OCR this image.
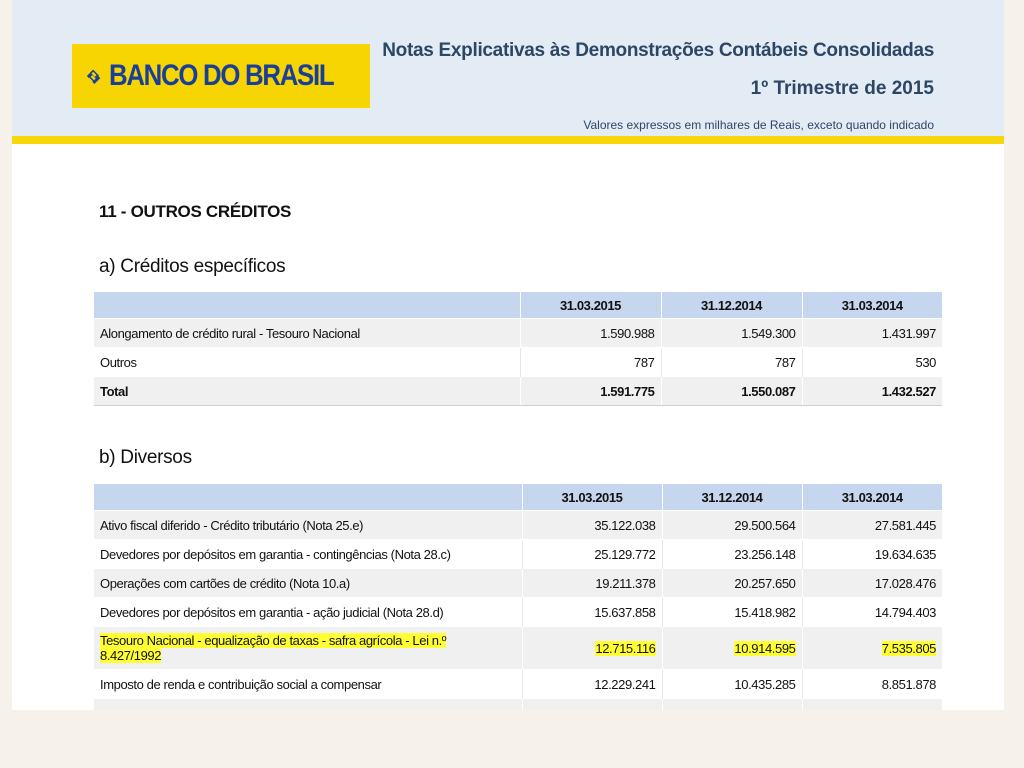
BANCO DO BRASIL
Notas Explicativas às Demonstrações Contábeis Consolidadas
1º Trimestre de 2015
Valores expressos em milhares de Reais, exceto quando indicado
11 - OUTROS CRÉDITOS
a) Créditos específicos
	31.03.2015	31.12.2014	31.03.2014
Alongamento de crédito rural - Tesouro Nacional	1.590.988	1.549.300	1.431.997
Outros	787	787	530
Total	1.591.775	1.550.087	1.432.527
b) Diversos
	31.03.2015	31.12.2014	31.03.2014
Ativo fiscal diferido - Crédito tributário (Nota 25.e)	35.122.038	29.500.564	27.581.445
Devedores por depósitos em garantia - contingências (Nota 28.c)	25.129.772	23.256.148	19.634.635
Operações com cartões de crédito (Nota 10.a)	19.211.378	20.257.650	17.028.476
Devedores por depósitos em garantia - ação judicial (Nota 28.d)	15.637.858	15.418.982	14.794.403
Tesouro Nacional - equalização de taxas - safra agrícola - Lei n.º
8.427/1992	12.715.116	10.914.595	7.535.805
Imposto de renda e contribuição social a compensar	12.229.241	10.435.285	8.851.878
